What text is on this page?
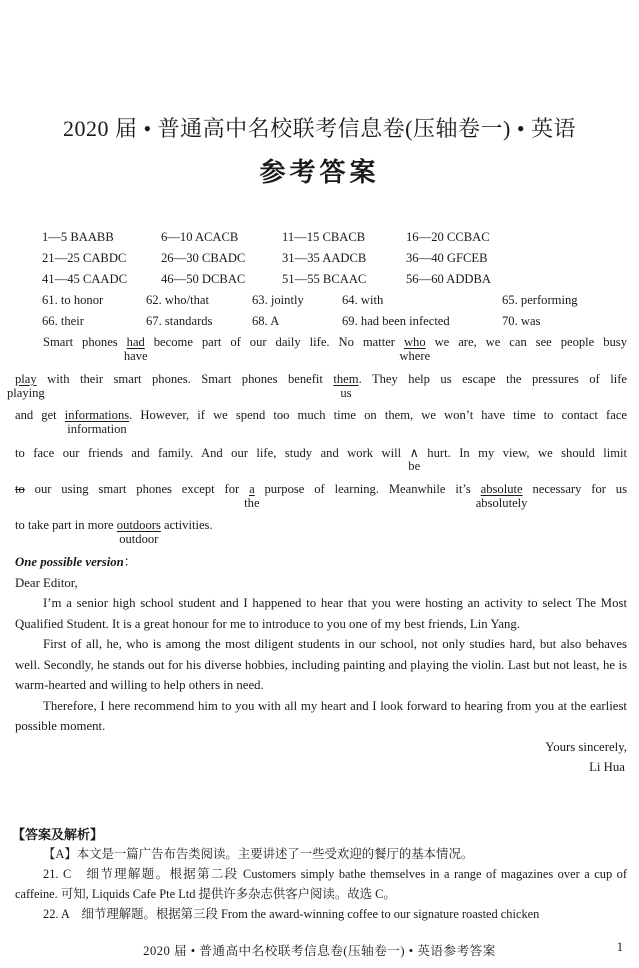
2020 届 • 普通高中名校联考信息卷(压轴卷一) • 英语
参考答案
1—5 BAABB	6—10 ACACB	11—15 CBACB	16—20 CCBAC
21—25 CABDC	26—30 CBADC	31—35 AADCB	36—40 GFCEB
41—45 CAADC	46—50 DCBAC	51—55 BCAAC	56—60 ADDBA
61. to honor	62. who/that	63. jointly	64. with	65. performing
66. their	67. standards	68. A	69. had been infected	70. was
Smart phones had
have
become part of our daily life. No matter who
where
we are, we can see people busy
play
playing
with their smart phones. Smart phones benefit them
us
. They help us escape the pressures of life
and get informations
information
. However, if we spend too much time on them, we won’t have time to contact face
to face our friends and family. And our life, study and work will ∧
be
hurt. In my view, we should limit
to our using smart phones except for a
the
purpose of learning. Meanwhile it’s absolute
absolutely
necessary for us
to take part in more outdoors
outdoor
activities.

One possible version：

Dear Editor,

I’m a senior high school student and I happened to hear that you were hosting an activity to select The Most Qualified Student. It is a great honour for me to introduce to you one of my best friends, Lin Yang.

First of all, he, who is among the most diligent students in our school, not only studies hard, but also behaves well. Secondly, he stands out for his diverse hobbies, including painting and playing the violin. Last but not least, he is warm-hearted and willing to help others in need.

Therefore, I here recommend him to you with all my heart and I look forward to hearing from you at the earliest possible moment.

Yours sincerely,

Li Hua

【答案及解析】

【A】本文是一篇广告布告类阅读。主要讲述了一些受欢迎的餐厅的基本情况。

21. C　细节理解题。根据第二段 Customers simply bathe themselves in a range of magazines over a cup of caffeine. 可知, Liquids Cafe Pte Ltd 提供许多杂志供客户阅读。故选 C。

22. A　细节理解题。根据第三段 From the award-winning coffee to our signature roasted chicken

2020 届 • 普通高中名校联考信息卷(压轴卷一) • 英语参考答案	1
